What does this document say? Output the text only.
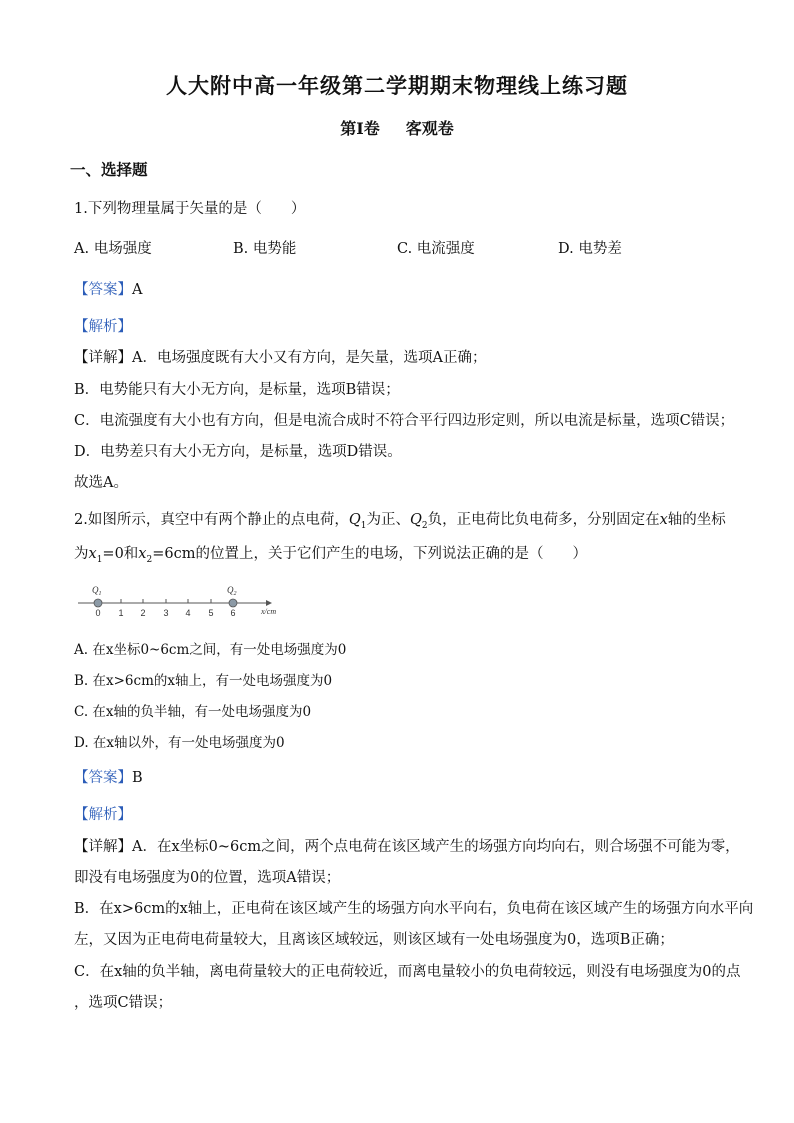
人大附中高一年级第二学期期末物理线上练习题
第I卷 客观卷
一、选择题
1.下列物理量属于矢量的是（　　）
A. 电场强度	B. 电势能	C. 电流强度	D. 电势差
【答案】A
【解析】
【详解】A．电场强度既有大小又有方向，是矢量，选项A正确；
B．电势能只有大小无方向，是标量，选项B错误；
C．电流强度有大小也有方向，但是电流合成时不符合平行四边形定则，所以电流是标量，选项C错误；
D．电势差只有大小无方向，是标量，选项D错误。
故选A。
2.如图所示，真空中有两个静止的点电荷，$Q_1$为正、$Q_2$负，正电荷比负电荷多，分别固定在x轴的坐标
为$x_1=0$和$x_2=6cm$的位置上，关于它们产生的电场，下列说法正确的是（　　）
$Q_1$	$Q_2$
0 1 2 3 4 5 6	x/cm
A. 在x坐标0~6cm之间，有一处电场强度为0
B. 在x>6cm的x轴上，有一处电场强度为0
C. 在x轴的负半轴，有一处电场强度为0
D. 在x轴以外，有一处电场强度为0
【答案】B
【解析】
【详解】A．在x坐标0~6cm之间，两个点电荷在该区域产生的场强方向均向右，则合场强不可能为零，
即没有电场强度为0的位置，选项A错误；
B．在x>6cm的x轴上，正电荷在该区域产生的场强方向水平向右，负电荷在该区域产生的场强方向水平向
左，又因为正电荷电荷量较大，且离该区域较远，则该区域有一处电场强度为0，选项B正确；
C．在x轴的负半轴，离电荷量较大的正电荷较近，而离电量较小的负电荷较远，则没有电场强度为0的点
，选项C错误；
